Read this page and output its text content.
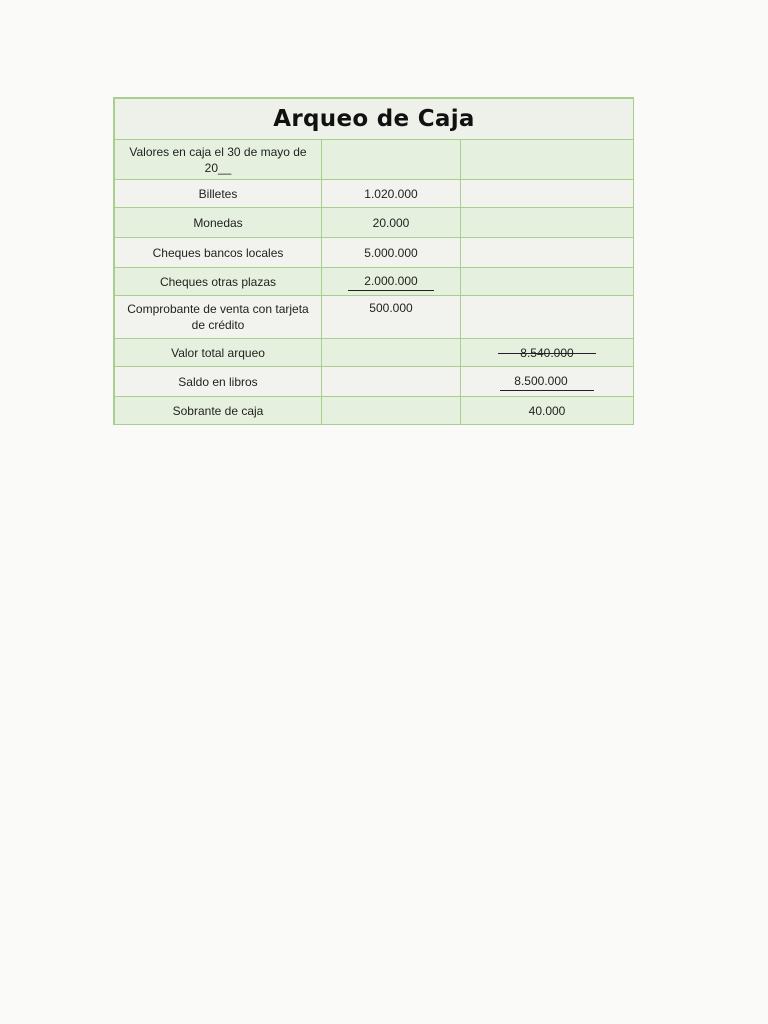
Arqueo de Caja		
Valores en caja el 30 de mayo de 20__		
Billetes	1.020.000	
Monedas	20.000	
Cheques bancos locales	5.000.000	
Cheques otras plazas	2.000.000	
Comprobante de venta con tarjeta de crédito	500.000	
Valor total arqueo		8.540.000
Saldo en libros		8.500.000
Sobrante de caja		40.000
